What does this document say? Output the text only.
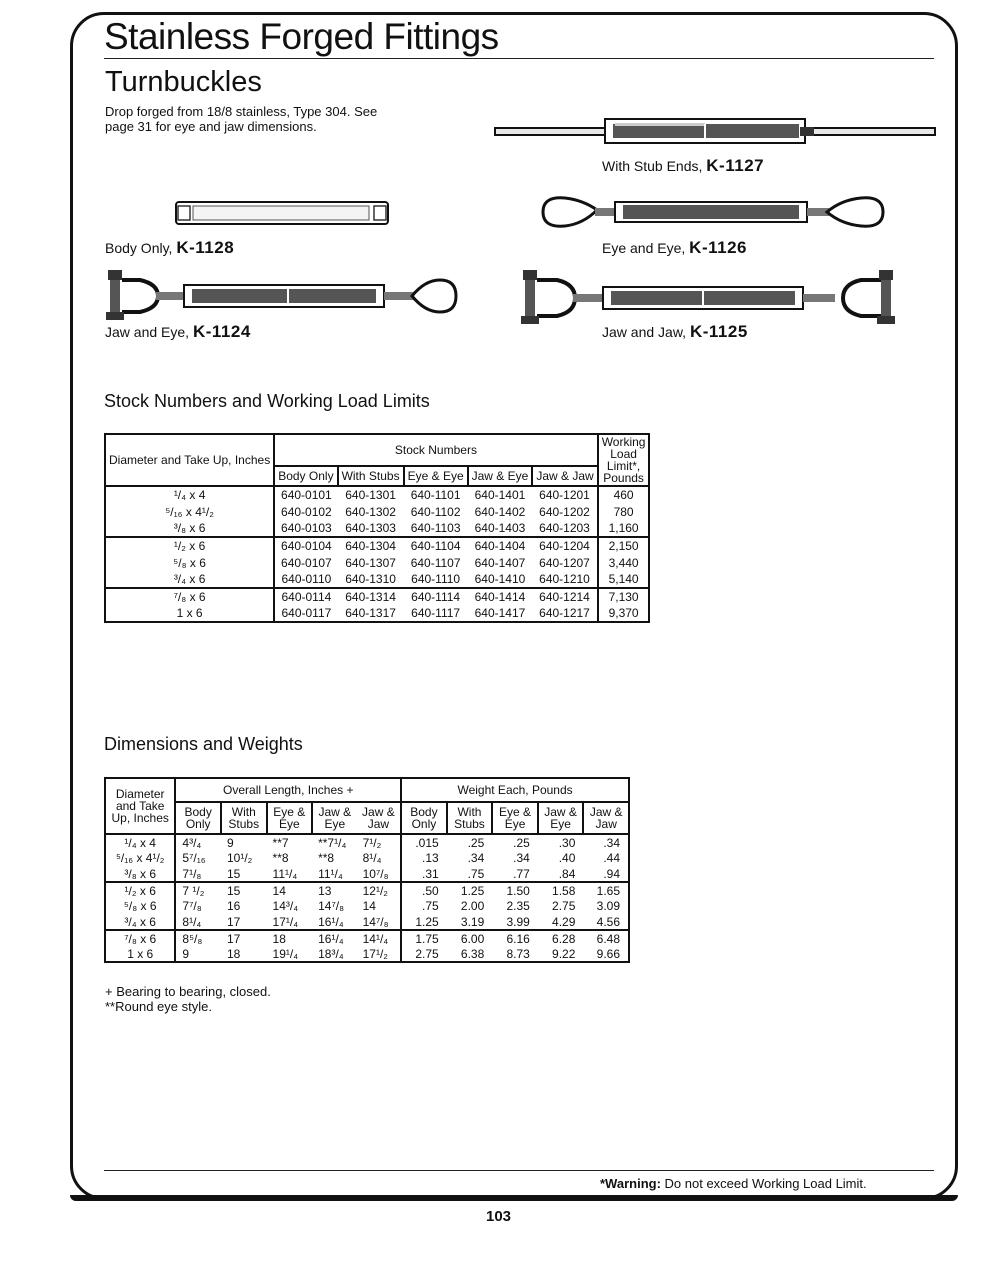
Stainless Forged Fittings
Turnbuckles
Drop forged from 18/8 stainless, Type 304. See page 31 for eye and jaw dimensions.
With Stub Ends, K-1127
Body Only, K-1128	Eye and Eye, K-1126
Jaw and Eye, K-1124	Jaw and Jaw, K-1125
Stock Numbers and Working Load Limits
Diameter and Take Up, Inches	Stock Numbers					Working Load Limit*, Pounds
	Body Only	With Stubs	Eye & Eye	Jaw & Eye	Jaw & Jaw	
¹/₄ x 4	640-0101	640-1301	640-1101	640-1401	640-1201	460
⁵/₁₆ x 4¹/₂	640-0102	640-1302	640-1102	640-1402	640-1202	780
³/₈ x 6	640-0103	640-1303	640-1103	640-1403	640-1203	1,160
¹/₂ x 6	640-0104	640-1304	640-1104	640-1404	640-1204	2,150
⁵/₈ x 6	640-0107	640-1307	640-1107	640-1407	640-1207	3,440
³/₄ x 6	640-0110	640-1310	640-1110	640-1410	640-1210	5,140
⁷/₈ x 6	640-0114	640-1314	640-1114	640-1414	640-1214	7,130
1 x 6	640-0117	640-1317	640-1117	640-1417	640-1217	9,370
Dimensions and Weights
Diameter and Take Up, Inches	Overall Length, Inches +					Weight Each, Pounds				
	Body Only	With Stubs	Eye & Eye	Jaw & Eye	Jaw & Jaw	Body Only	With Stubs	Eye & Eye	Jaw & Eye	Jaw & Jaw
¹/₄ x 4	4³/₄	9	**7	**7¹/₄	7¹/₂	.015	.25	.25	.30	.34
⁵/₁₆ x 4¹/₂	5⁷/₁₆	10¹/₂	**8	**8	8¹/₄	.13	.34	.34	.40	.44
³/₈ x 6	7¹/₈	15	11¹/₄	11¹/₄	10⁷/₈	.31	.75	.77	.84	.94
¹/₂ x 6	7 ¹/₂	15	14	13	12¹/₂	.50	1.25	1.50	1.58	1.65
⁵/₈ x 6	7⁷/₈	16	14³/₄	14⁷/₈	14	.75	2.00	2.35	2.75	3.09
³/₄ x 6	8¹/₄	17	17¹/₄	16¹/₄	14⁷/₈	1.25	3.19	3.99	4.29	4.56
⁷/₈ x 6	8⁵/₈	17	18	16¹/₄	14¹/₄	1.75	6.00	6.16	6.28	6.48
1 x 6	9	18	19¹/₄	18³/₄	17¹/₂	2.75	6.38	8.73	9.22	9.66
+ Bearing to bearing, closed.
**Round eye style.
*Warning: Do not exceed Working Load Limit.
103
